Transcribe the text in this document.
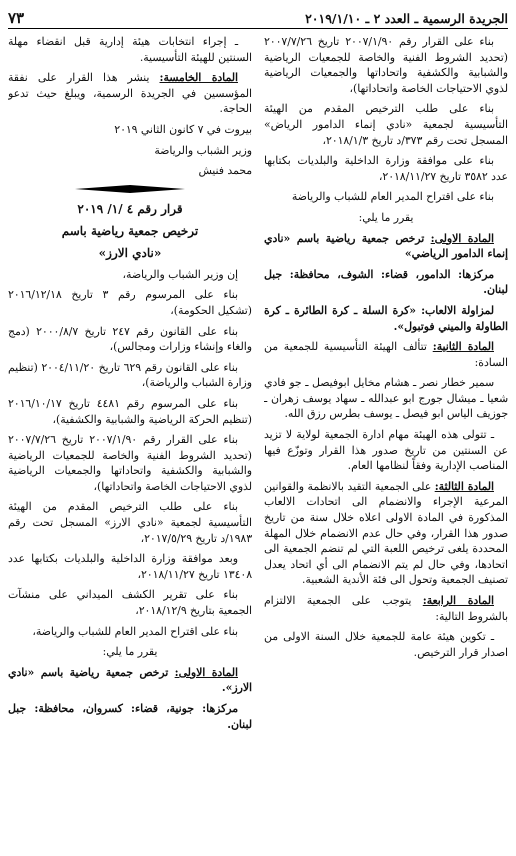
الجريدة الرسمية ـ العدد ٢ ـ ٢٠١٩/١/١٠
٧٣

بناء على القرار رقم ٢٠٠٧/١/٩٠ تاريخ ٢٠٠٧/٧/٢٦ (تحديد الشروط الفنية والخاصة للجمعيات الرياضية والشبابية والكشفية واتحاداتها والجمعيات الرياضية لذوي الاحتياجات الخاصة واتحاداتها)،

بناء على طلب الترخيص المقدم من الهيئة التأسيسية لجمعية «نادي إنماء الدامور الرياض» المسجل تحت رقم ٣٧٣/د تاريخ ٢٠١٨/١/٣،

بناء على موافقة وزارة الداخلية والبلديات بكتابها عدد ٣٥٨٢ تاريخ ٢٠١٨/١١/٢٧،

بناء على اقتراح المدير العام للشباب والرياضة

يقرر ما يلي:

المادة الاولى: ترخص جمعية رياضية باسم «نادي إنماء الدامور الرياضي»

مركزها: الدامور، قضاء: الشوف، محافظة: جبل لبنان.

لمزاولة الالعاب: «كرة السلة ـ كرة الطائرة ـ كرة الطاولة والميني فوتبول».

المادة الثانية: تتألف الهيئة التأسيسية للجمعية من السادة:

سمير خطار نصر ـ هشام مخايل ابوفيصل ـ جو فادي شعيا ـ ميشال جورج ابو عبدالله ـ سهاد يوسف زهران ـ جوزيف الياس ابو فيصل ـ يوسف بطرس رزق الله.

ـ تتولى هذه الهيئة مهام ادارة الجمعية لولاية لا تزيد عن السنتين من تاريخ صدور هذا القرار وتوزّع فيها المناصب الإدارية وفقاً لنظامها العام.

المادة الثالثة: على الجمعية التقيد بالانظمة والقوانين المرعية الإجراء والانضمام الى اتحادات الالعاب المذكورة في المادة الاولى اعلاه خلال سنة من تاريخ صدور هذا القرار، وفي حال عدم الانضمام خلال المهلة المحددة يلغى ترخيص اللعبة التي لم تنضم الجمعية الى اتحادها، وفي حال لم يتم الانضمام الى أي اتحاد يعدل تصنيف الجمعية وتحول الى فئة الأندية الشعبية.

المادة الرابعة: يتوجب على الجمعية الالتزام بالشروط التالية:

ـ تكوين هيئة عامة للجمعية خلال السنة الاولى من اصدار قرار الترخيص.

ـ إجراء انتخابات هيئة إدارية قبل انقضاء مهلة السنتين للهيئة التأسيسية.

المادة الخامسة: ينشر هذا القرار على نفقة المؤسسين في الجريدة الرسمية، ويبلغ حيث تدعو الحاجة.

بيروت في ٧ كانون الثاني ٢٠١٩

وزير الشباب والرياضة

محمد فنيش

قرار رقم ٤ /١/ ٢٠١٩

ترخيص جمعية رياضية باسم

«نادي الارز»

إن وزير الشباب والرياضة،

بناء على المرسوم رقم ٣ تاريخ ٢٠١٦/١٢/١٨ (تشكيل الحكومة)،

بناء على القانون رقم ٢٤٧ تاريخ ٢٠٠٠/٨/٧ (دمج والغاء وإنشاء وزارات ومجالس)،

بناء على القانون رقم ٦٢٩ تاريخ ٢٠٠٤/١١/٢٠ (تنظيم وزارة الشباب والرياضة)،

بناء على المرسوم رقم ٤٤٨١ تاريخ ٢٠١٦/١٠/١٧ (تنظيم الحركة الرياضية والشبابية والكشفية)،

بناء على القرار رقم ٢٠٠٧/١/٩٠ تاريخ ٢٠٠٧/٧/٢٦ (تحديد الشروط الفنية والخاصة للجمعيات الرياضية والشبابية والكشفية واتحاداتها والجمعيات الرياضية لذوي الاحتياجات الخاصة واتحاداتها)،

بناء على طلب الترخيص المقدم من الهيئة التأسيسية لجمعية «نادي الارز» المسجل تحت رقم ١٩٨٣/د تاريخ ٢٠١٧/٥/٢٩،

وبعد موافقة وزارة الداخلية والبلديات بكتابها عدد ١٣٤٠٨ تاريخ ٢٠١٨/١١/٢٧،

بناء على تقرير الكشف الميداني على منشآت الجمعية بتاريخ ٢٠١٨/١٢/٩،

بناء على اقتراح المدير العام للشباب والرياضة،

يقرر ما يلي:

المادة الاولى: ترخص جمعية رياضية باسم «نادي الارز».

مركزها: جونية، قضاء: كسروان، محافظة: جبل لبنان.
